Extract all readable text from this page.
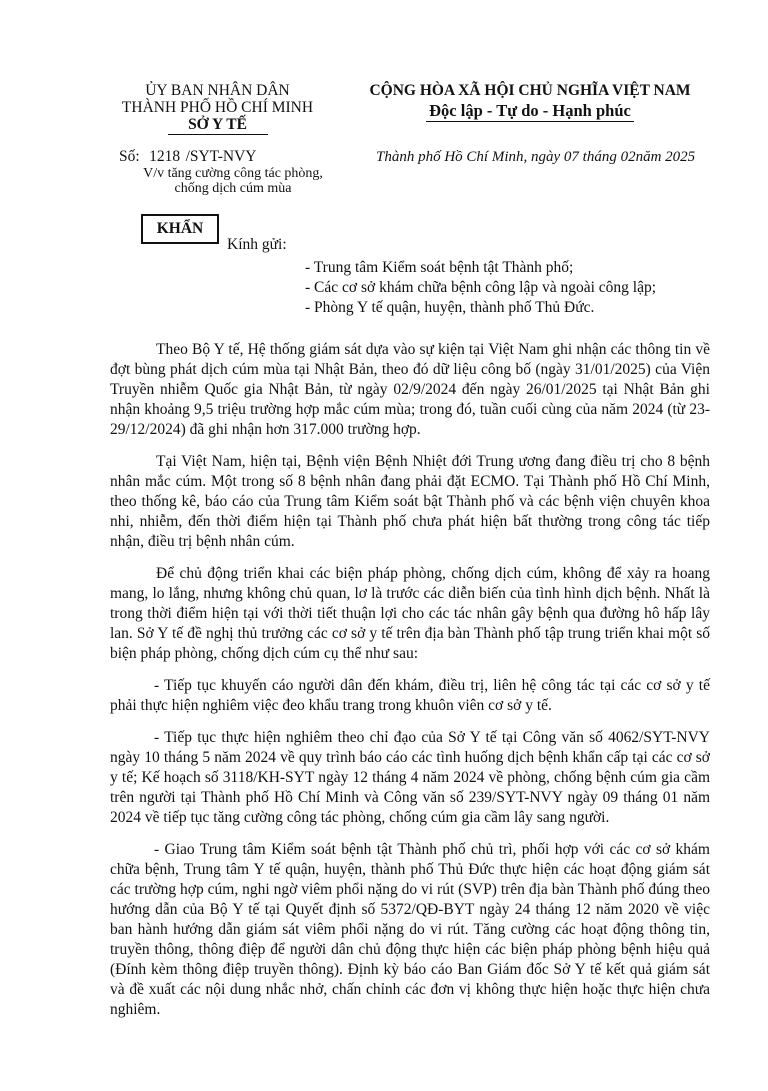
ỦY BAN NHÂN DÂN
THÀNH PHỐ HỒ CHÍ MINH
SỞ Y TẾ
Số: 1218 /SYT-NVY
V/v tăng cường công tác phòng,
chống dịch cúm mùa
CỘNG HÒA XÃ HỘI CHỦ NGHĨA VIỆT NAM
Độc lập - Tự do - Hạnh phúc
Thành phố Hồ Chí Minh, ngày 07 tháng 02năm 2025
KHẨN
Kính gửi:
- Trung tâm Kiểm soát bệnh tật Thành phố;
- Các cơ sở khám chữa bệnh công lập và ngoài công lập;
- Phòng Y tế quận, huyện, thành phố Thủ Đức.

Theo Bộ Y tế, Hệ thống giám sát dựa vào sự kiện tại Việt Nam ghi nhận các thông tin về đợt bùng phát dịch cúm mùa tại Nhật Bản, theo đó dữ liệu công bố (ngày 31/01/2025) của Viện Truyền nhiễm Quốc gia Nhật Bản, từ ngày 02/9/2024 đến ngày 26/01/2025 tại Nhật Bản ghi nhận khoảng 9,5 triệu trường hợp mắc cúm mùa; trong đó, tuần cuối cùng của năm 2024 (từ 23-29/12/2024) đã ghi nhận hơn 317.000 trường hợp.

Tại Việt Nam, hiện tại, Bệnh viện Bệnh Nhiệt đới Trung ương đang điều trị cho 8 bệnh nhân mắc cúm. Một trong số 8 bệnh nhân đang phải đặt ECMO. Tại Thành phố Hồ Chí Minh, theo thống kê, báo cáo của Trung tâm Kiểm soát bật Thành phố và các bệnh viện chuyên khoa nhi, nhiễm, đến thời điểm hiện tại Thành phố chưa phát hiện bất thường trong công tác tiếp nhận, điều trị bệnh nhân cúm.

Để chủ động triển khai các biện pháp phòng, chống dịch cúm, không để xảy ra hoang mang, lo lắng, nhưng không chủ quan, lơ là trước các diễn biến của tình hình dịch bệnh. Nhất là trong thời điểm hiện tại với thời tiết thuận lợi cho các tác nhân gây bệnh qua đường hô hấp lây lan. Sở Y tế đề nghị thủ trưởng các cơ sở y tế trên địa bàn Thành phố tập trung triển khai một số biện pháp phòng, chống dịch cúm cụ thể như sau:

- Tiếp tục khuyến cáo người dân đến khám, điều trị, liên hệ công tác tại các cơ sở y tế phải thực hiện nghiêm việc đeo khẩu trang trong khuôn viên cơ sở y tế.

- Tiếp tục thực hiện nghiêm theo chỉ đạo của Sở Y tế tại Công văn số 4062/SYT-NVY ngày 10 tháng 5 năm 2024 về quy trình báo cáo các tình huống dịch bệnh khẩn cấp tại các cơ sở y tế; Kế hoạch số 3118/KH-SYT ngày 12 tháng 4 năm 2024 về phòng, chống bệnh cúm gia cầm trên người tại Thành phố Hồ Chí Minh và Công văn số 239/SYT-NVY ngày 09 tháng 01 năm 2024 về tiếp tục tăng cường công tác phòng, chống cúm gia cầm lây sang người.

- Giao Trung tâm Kiểm soát bệnh tật Thành phố chủ trì, phối hợp với các cơ sở khám chữa bệnh, Trung tâm Y tế quận, huyện, thành phố Thủ Đức thực hiện các hoạt động giám sát các trường hợp cúm, nghi ngờ viêm phổi nặng do vi rút (SVP) trên địa bàn Thành phố đúng theo hướng dẫn của Bộ Y tế tại Quyết định số 5372/QĐ-BYT ngày 24 tháng 12 năm 2020 về việc ban hành hướng dẫn giám sát viêm phổi nặng do vi rút. Tăng cường các hoạt động thông tin, truyền thông, thông điệp để người dân chủ động thực hiện các biện pháp phòng bệnh hiệu quả (Đính kèm thông điệp truyền thông). Định kỳ báo cáo Ban Giám đốc Sở Y tế kết quả giám sát và đề xuất các nội dung nhắc nhở, chấn chỉnh các đơn vị không thực hiện hoặc thực hiện chưa nghiêm.
